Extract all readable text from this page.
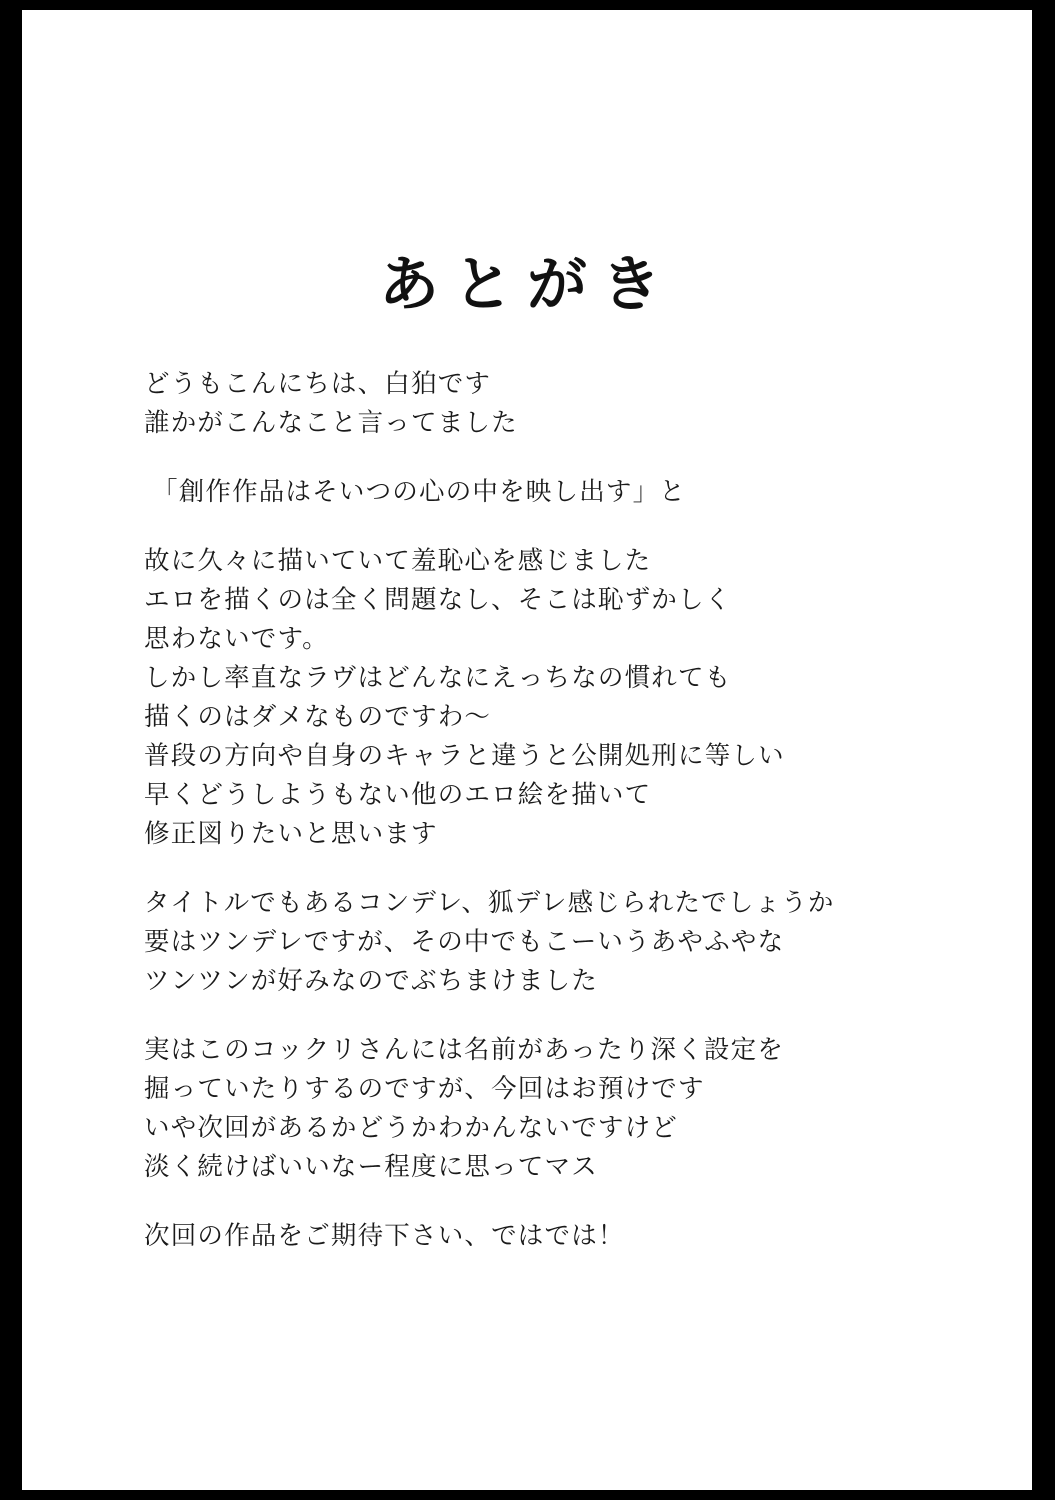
あとがき
どうもこんにちは、白狛です
誰かがこんなこと言ってました
「創作作品はそいつの心の中を映し出す」と
故に久々に描いていて羞恥心を感じました
エロを描くのは全く問題なし、そこは恥ずかしく
思わないです。
しかし率直なラヴはどんなにえっちなの慣れても
描くのはダメなものですわ〜
普段の方向や自身のキャラと違うと公開処刑に等しい
早くどうしようもない他のエロ絵を描いて
修正図りたいと思います
タイトルでもあるコンデレ、狐デレ感じられたでしょうか
要はツンデレですが、その中でもこーいうあやふやな
ツンツンが好みなのでぶちまけました
実はこのコックリさんには名前があったり深く設定を
掘っていたりするのですが、今回はお預けです
いや次回があるかどうかわかんないですけど
淡く続けばいいなー程度に思ってマス
次回の作品をご期待下さい、ではでは！
